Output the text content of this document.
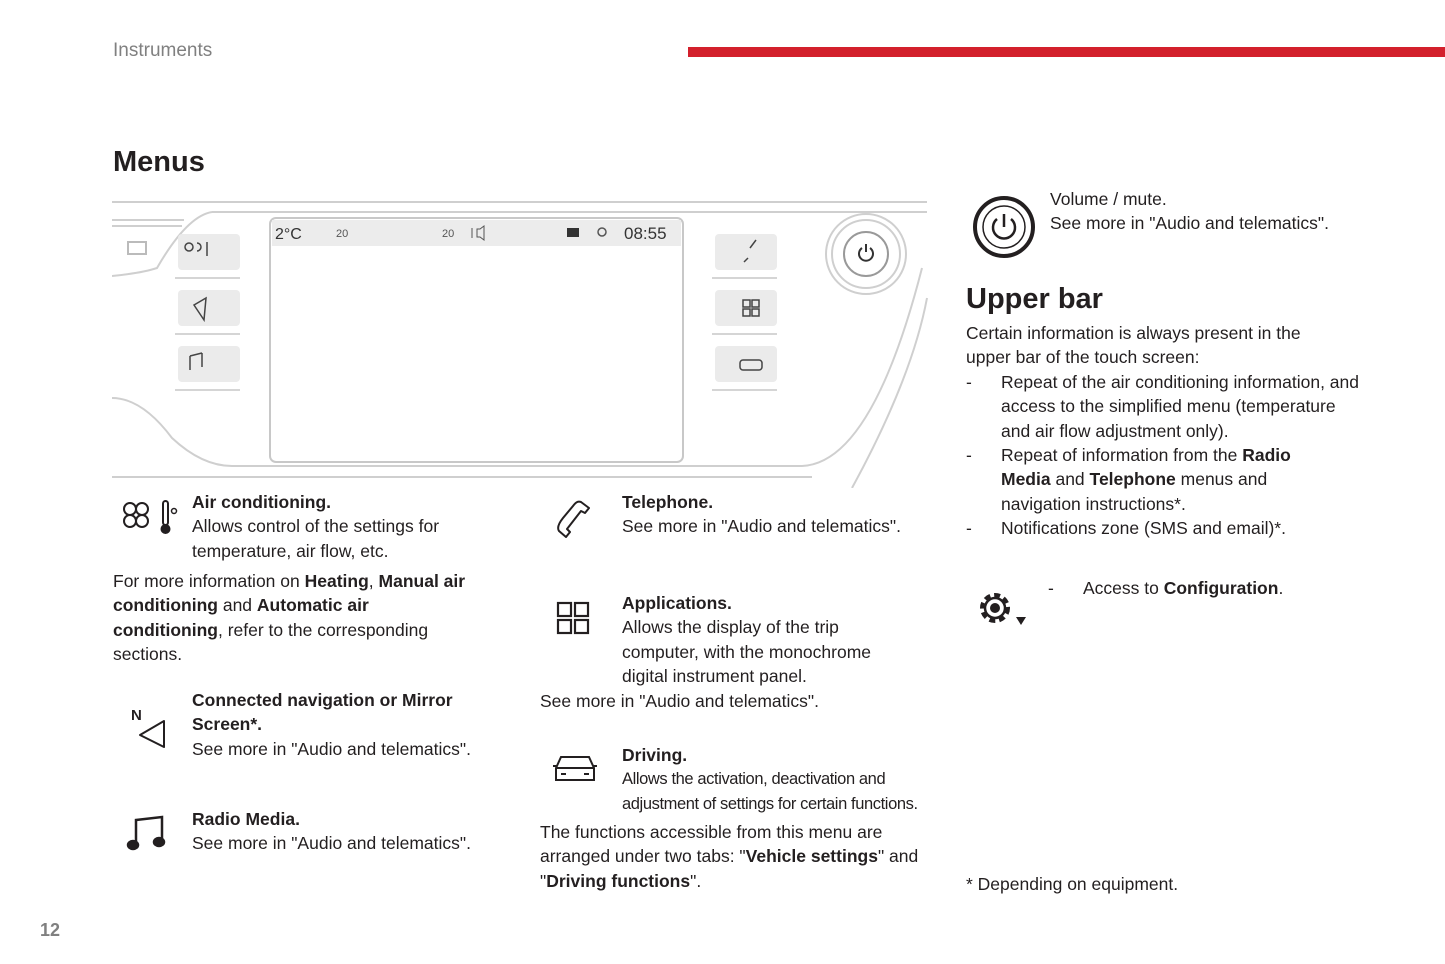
Instruments
Menus
2°C	20	20	08:55
Air conditioning.
Allows control of the settings for temperature, air flow, etc.
For more information on Heating, Manual air conditioning and Automatic air conditioning, refer to the corresponding sections.
N
Connected navigation or Mirror Screen*.
See more in "Audio and telematics".
Radio Media.
See more in "Audio and telematics".
Telephone.
See more in "Audio and telematics".
Applications.
Allows the display of the trip computer, with the monochrome digital instrument panel.
See more in "Audio and telematics".
Driving.
Allows the activation, deactivation and adjustment of settings for certain functions.
The functions accessible from this menu are arranged under two tabs: "Vehicle settings" and "Driving functions".
Volume / mute.
See more in "Audio and telematics".
Upper bar
Certain information is always present in the upper bar of the touch screen:
- Repeat of the air conditioning information, and access to the simplified menu (temperature and air flow adjustment only).
- Repeat of information from the Radio Media and Telephone menus and navigation instructions*.
- Notifications zone (SMS and email)*.
- Access to Configuration.
* Depending on equipment.
12
